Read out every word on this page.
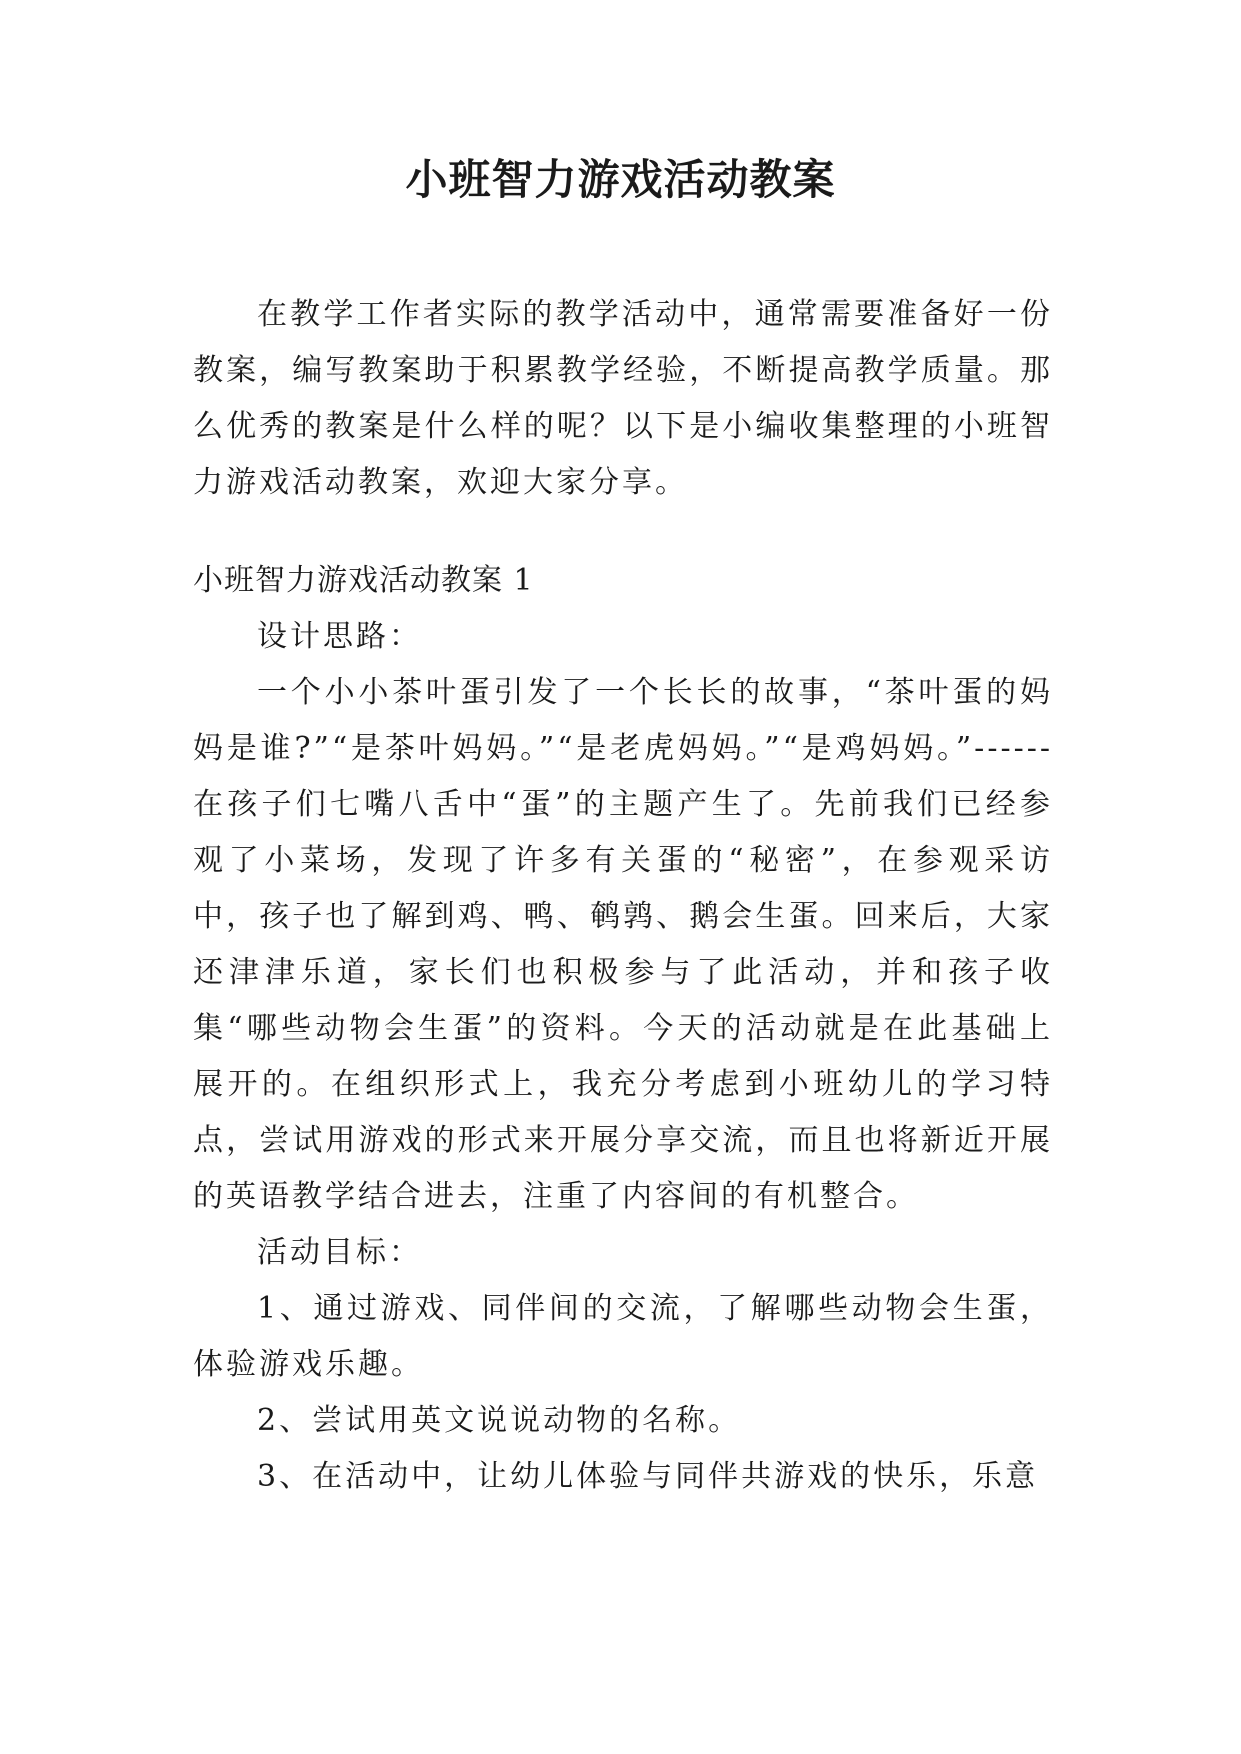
小班智力游戏活动教案

在教学工作者实际的教学活动中，通常需要准备好一份教案，编写教案助于积累教学经验，不断提高教学质量。那么优秀的教案是什么样的呢？以下是小编收集整理的小班智力游戏活动教案，欢迎大家分享。

小班智力游戏活动教案 1

设计思路：

一个小小茶叶蛋引发了一个长长的故事，“茶叶蛋的妈妈是谁?”“是茶叶妈妈。”“是老虎妈妈。”“是鸡妈妈。”------在孩子们七嘴八舌中“蛋”的主题产生了。先前我们已经参观了小菜场，发现了许多有关蛋的“秘密”，在参观采访中，孩子也了解到鸡、鸭、鹌鹑、鹅会生蛋。回来后，大家还津津乐道，家长们也积极参与了此活动，并和孩子收集“哪些动物会生蛋”的资料。今天的活动就是在此基础上展开的。在组织形式上，我充分考虑到小班幼儿的学习特点，尝试用游戏的形式来开展分享交流，而且也将新近开展的英语教学结合进去，注重了内容间的有机整合。

活动目标：

1、通过游戏、同伴间的交流，了解哪些动物会生蛋，体验游戏乐趣。

2、尝试用英文说说动物的名称。

3、在活动中，让幼儿体验与同伴共游戏的快乐，乐意
